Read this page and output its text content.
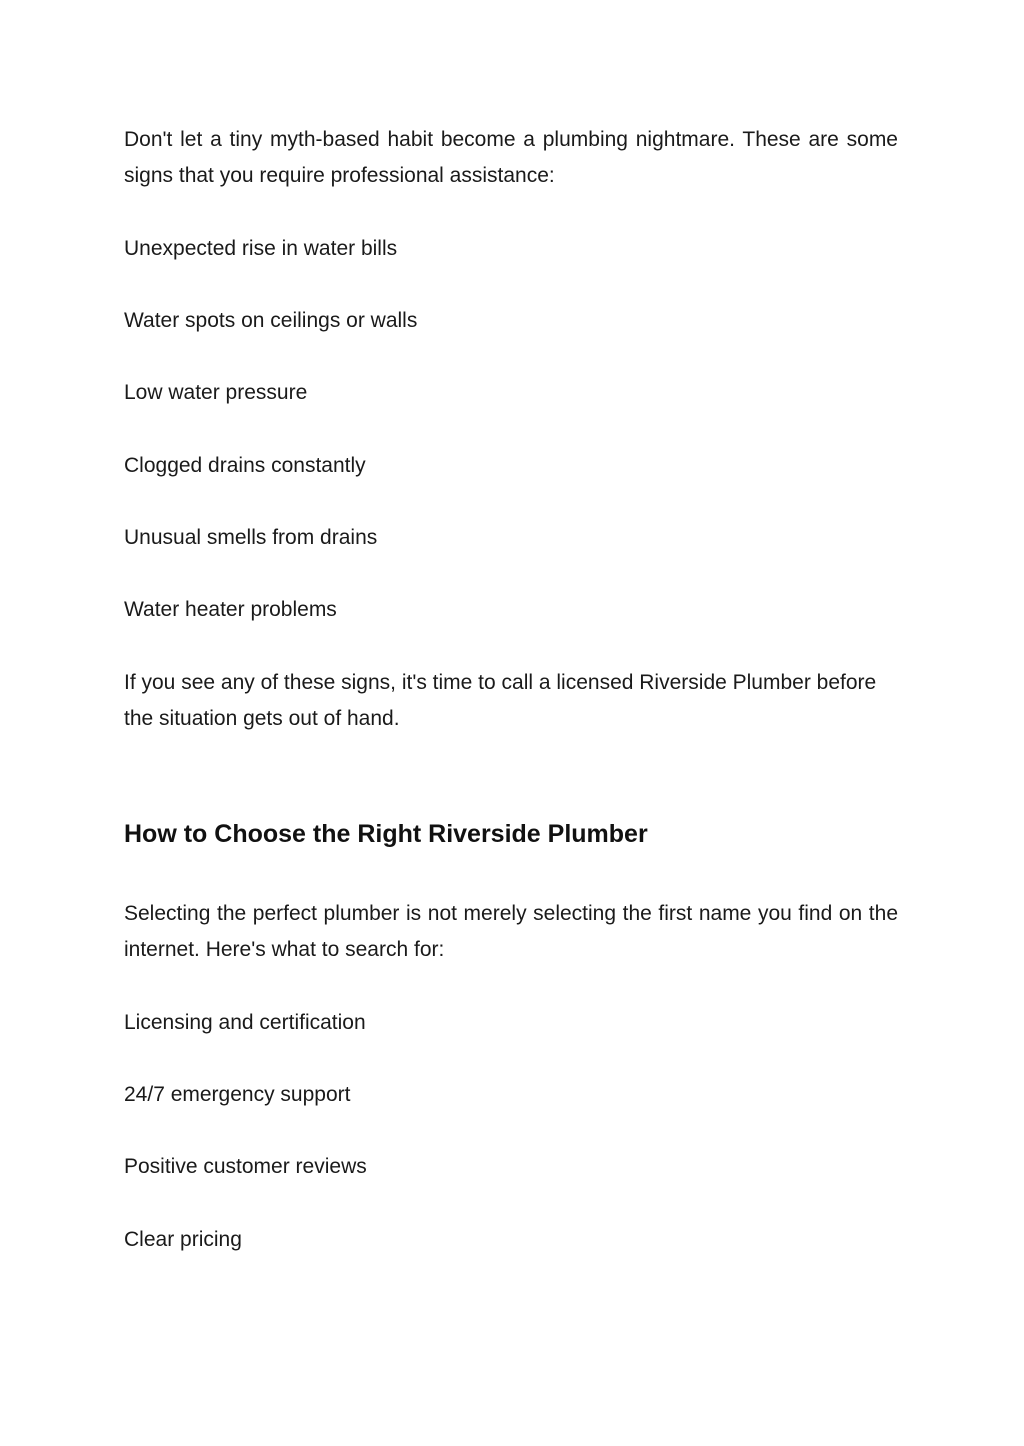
Don't let a tiny myth-based habit become a plumbing nightmare. These are some signs that you require professional assistance:

Unexpected rise in water bills

Water spots on ceilings or walls

Low water pressure

Clogged drains constantly

Unusual smells from drains

Water heater problems

If you see any of these signs, it's time to call a licensed Riverside Plumber before the situation gets out of hand.

How to Choose the Right Riverside Plumber

Selecting the perfect plumber is not merely selecting the first name you find on the internet. Here's what to search for:

Licensing and certification

24/7 emergency support

Positive customer reviews

Clear pricing
